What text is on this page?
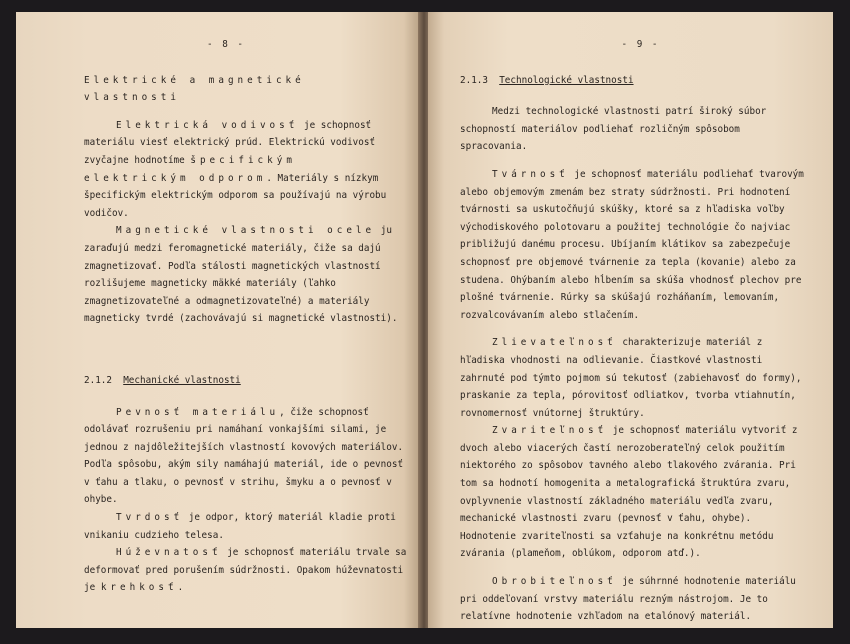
- 8 -
Elektrické a magnetické vlastnosti

Elektrická vodivosť je schopnosť materiálu viesť elektrický prúd. Elektrickú vodivosť zvyčajne hodnotíme špecifickým elektrickým odporom. Materiály s nízkym špecifickým elektrickým odporom sa používajú na výrobu vodičov.

Magnetické vlastnosti ocele ju zaraďujú medzi feromagnetické materiály, čiže sa dajú zmagnetizovať. Podľa stálosti magnetických vlastností rozlišujeme magneticky mäkké materiály (ľahko zmagnetizovateľné a odmagnetizovateľné) a materiály magneticky tvrdé (zachovávajú si magnetické vlastnosti).

2.1.2 Mechanické vlastnosti

Pevnosť materiálu, čiže schopnosť odolávať rozrušeniu pri namáhaní vonkajšími silami, je jednou z najdôležitejších vlastností kovových materiálov. Podľa spôsobu, akým sily namáhajú materiál, ide o pevnosť v ťahu a tlaku, o pevnosť v strihu, šmyku a o pevnosť v ohybe.

Tvrdosť je odpor, ktorý materiál kladie proti vnikaniu cudzieho telesa.

Húževnatosť je schopnosť materiálu trvale sa deformovať pred porušením súdržnosti. Opakom húževnatosti je krehkosť.

- 9 -
2.1.3 Technologické vlastnosti

Medzi technologické vlastnosti patrí široký súbor schopností materiálov podliehať rozličným spôsobom spracovania.

Tvárnosť je schopnosť materiálu podliehať tvarovým alebo objemovým zmenám bez straty súdržnosti. Pri hodnotení tvárnosti sa uskutočňujú skúšky, ktoré sa z hľadiska voľby východiskového polotovaru a použitej technológie čo najviac približujú danému procesu. Ubíjaním klátikov sa zabezpečuje schopnosť pre objemové tvárnenie za tepla (kovanie) alebo za studena. Ohýbaním alebo hĺbením sa skúša vhodnosť plechov pre plošné tvárnenie. Rúrky sa skúšajú rozháňaním, lemovaním, rozvalcovávaním alebo stlačením.

Zlievateľnosť charakterizuje materiál z hľadiska vhodnosti na odlievanie. Čiastkové vlastnosti zahrnuté pod týmto pojmom sú tekutosť (zabiehavosť do formy), praskanie za tepla, pórovitosť odliatkov, tvorba vtiahnutín, rovnomernosť vnútornej štruktúry.

Zvariteľnosť je schopnosť materiálu vytvoriť z dvoch alebo viacerých častí nerozoberateľný celok použitím niektorého zo spôsobov tavného alebo tlakového zvárania. Pri tom sa hodnotí homogenita a metalografická štruktúra zvaru, ovplyvnenie vlastností základného materiálu vedľa zvaru, mechanické vlastnosti zvaru (pevnosť v ťahu, ohybe). Hodnotenie zvariteľnosti sa vzťahuje na konkrétnu metódu zvárania (plameňom, oblúkom, odporom atď.).

Obrobiteľnosť je súhrnné hodnotenie materiálu pri oddeľovaní vrstvy materiálu rezným nástrojom. Je to relatívne hodnotenie vzhľadom na etalónový materiál.
